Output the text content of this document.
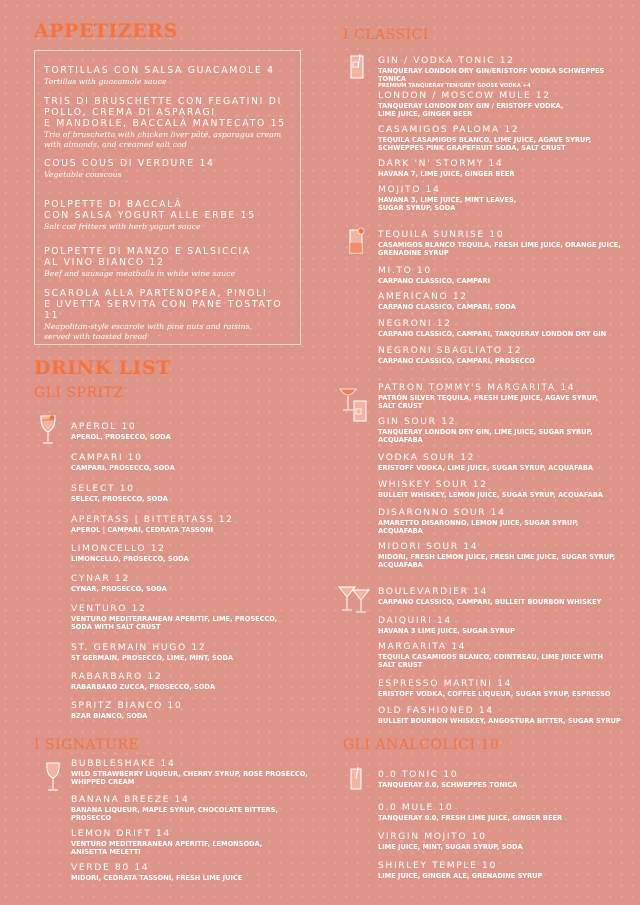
APPETIZERS
TORTILLAS CON SALSA GUACAMOLE 4
Tortillas with guacamole sauce
TRIS DI BRUSCHETTE CON FEGATINI DI
POLLO, CREMA DI ASPARAGI
E MANDORLE, BACCALÀ MANTECATO 15
Trio of bruschetta with chicken liver pâté, asparagus cream
with almonds, and creamed salt cod
COUS COUS DI VERDURE 14
Vegetable couscous
POLPETTE DI BACCALÀ
CON SALSA YOGURT ALLE ERBE 15
Salt cod fritters with herb yogurt sauce
POLPETTE DI MANZO E SALSICCIA
AL VINO BIANCO 12
Beef and sausage meatballs in white wine sauce
SCAROLA ALLA PARTENOPEA, PINOLI
E UVETTA SERVITA CON PANE TOSTATO 11
Neapolitan-style escarole with pine nuts and raisins,
served with toasted bread
DRINK LIST
GLI SPRITZ
APEROL 10
APEROL, PROSECCO, SODA
CAMPARI 10
CAMPARI, PROSECCO, SODA
SELECT 10
SELECT, PROSECCO, SODA
APERTASS | BITTERTASS 12
APEROL | CAMPARI, CEDRATA TASSONI
LIMONCELLO 12
LIMONCELLO, PROSECCO, SODA
CYNAR 12
CYNAR, PROSECCO, SODA
VENTURO 12
VENTURO MEDITERRANEAN APERITIF, LIME, PROSECCO,
SODA WITH SALT CRUST
ST. GERMAIN HUGO 12
ST GERMAIN, PROSECCO, LIME, MINT, SODA
RABARBARO 12
RABARBARO ZUCCA, PROSECCO, SODA
SPRITZ BIANCO 10
BZAR BIANCO, SODA
I SIGNATURE
BUBBLESHAKE 14
WILD STRAWBERRY LIQUEUR, CHERRY SYRUP, ROSÈ PROSECCO,
WHIPPED CREAM
BANANA BREEZE 14
BANANA LIQUEUR, MAPLE SYRUP, CHOCOLATE BITTERS,
PROSECCO
LEMON DRIFT 14
VENTURO MEDITERRANEAN APERITIF, LEMONSODA,
ANISETTA MELETTI
VERDE 80 14
MIDORI, CEDRATA TASSONI, FRESH LIME JUICE
I CLASSICI
GIN / VODKA TONIC 12
TANQUERAY LONDON DRY GIN/ERISTOFF VODKA SCHWEPPES TONICA
PREMIUM TANQUERAY TEN/GREY GOOSE VODKA +4
LONDON / MOSCOW MULE 12
TANQUERAY LONDON DRY GIN / ERISTOFF VODKA,
LIME JUICE, GINGER BEER
CASAMIGOS PALOMA 12
TEQUILA CASAMIGOS BLANCO, LIME JUICE, AGAVE SYRUP,
SCHWEPPES PINK GRAPEFRUIT SODA, SALT CRUST
DARK 'N' STORMY 14
HAVANA 7, LIME JUICE, GINGER BEER
MOJITO 14
HAVANA 3, LIME JUICE, MINT LEAVES,
SUGAR SYRUP, SODA
TEQUILA SUNRISE 10
CASAMIGOS BLANCO TEQUILA, FRESH LIME JUICE, ORANGE JUICE,
GRENADINE SYRUP
MI.TO 10
CARPANO CLASSICO, CAMPARI
AMERICANO 12
CARPANO CLASSICO, CAMPARI, SODA
NEGRONI 12
CARPANO CLASSICO, CAMPARI, TANQUERAY LONDON DRY GIN
NEGRONI SBAGLIATO 12
CARPANO CLASSICO, CAMPARI, PROSECCO
PATRON TOMMY'S MARGARITA 14
PATRÓN SILVER TEQUILA, FRESH LIME JUICE, AGAVE SYRUP,
SALT CRUST
GIN SOUR 12
TANQUERAY LONDON DRY GIN, LIME JUICE, SUGAR SYRUP,
ACQUAFABA
VODKA SOUR 12
ERISTOFF VODKA, LIME JUICE, SUGAR SYRUP, ACQUAFABA
WHISKEY SOUR 12
BULLEIT WHISKEY, LEMON JUICE, SUGAR SYRUP, ACQUAFABA
DISARONNO SOUR 14
AMARETTO DISARONNO, LEMON JUICE, SUGAR SYRUP,
ACQUAFABA
MIDORI SOUR 14
MIDORI, FRESH LEMON JUICE, FRESH LIME JUICE, SUGAR SYRUP,
ACQUAFABA
BOULEVARDIER 14
CARPANO CLASSICO, CAMPARI, BULLEIT BOURBON WHISKEY
DAIQUIRI 14
HAVANA 3 LIME JUICE, SUGAR SYRUP
MARGARITA 14
TEQUILA CASAMIGOS BLANCO, COINTREAU, LIME JUICE WITH
SALT CRUST
ESPRESSO MARTINI 14
ERISTOFF VODKA, COFFEE LIQUEUR, SUGAR SYRUP, ESPRESSO
OLD FASHIONED 14
BULLEIT BOURBON WHISKEY, ANGOSTURA BITTER, SUGAR SYRUP
GLI ANALCOLICI 10
0.0 TONIC 10
TANQUERAY 0.0, SCHWEPPES TONICA
0.0 MULE 10
TANQUERAY 0.0, FRESH LIME JUICE, GINGER BEER
VIRGIN MOJITO 10
LIME JUICE, MINT, SUGAR SYRUP, SODA
SHIRLEY TEMPLE 10
LIME JUICE, GINGER ALE, GRENADINE SYRUP
